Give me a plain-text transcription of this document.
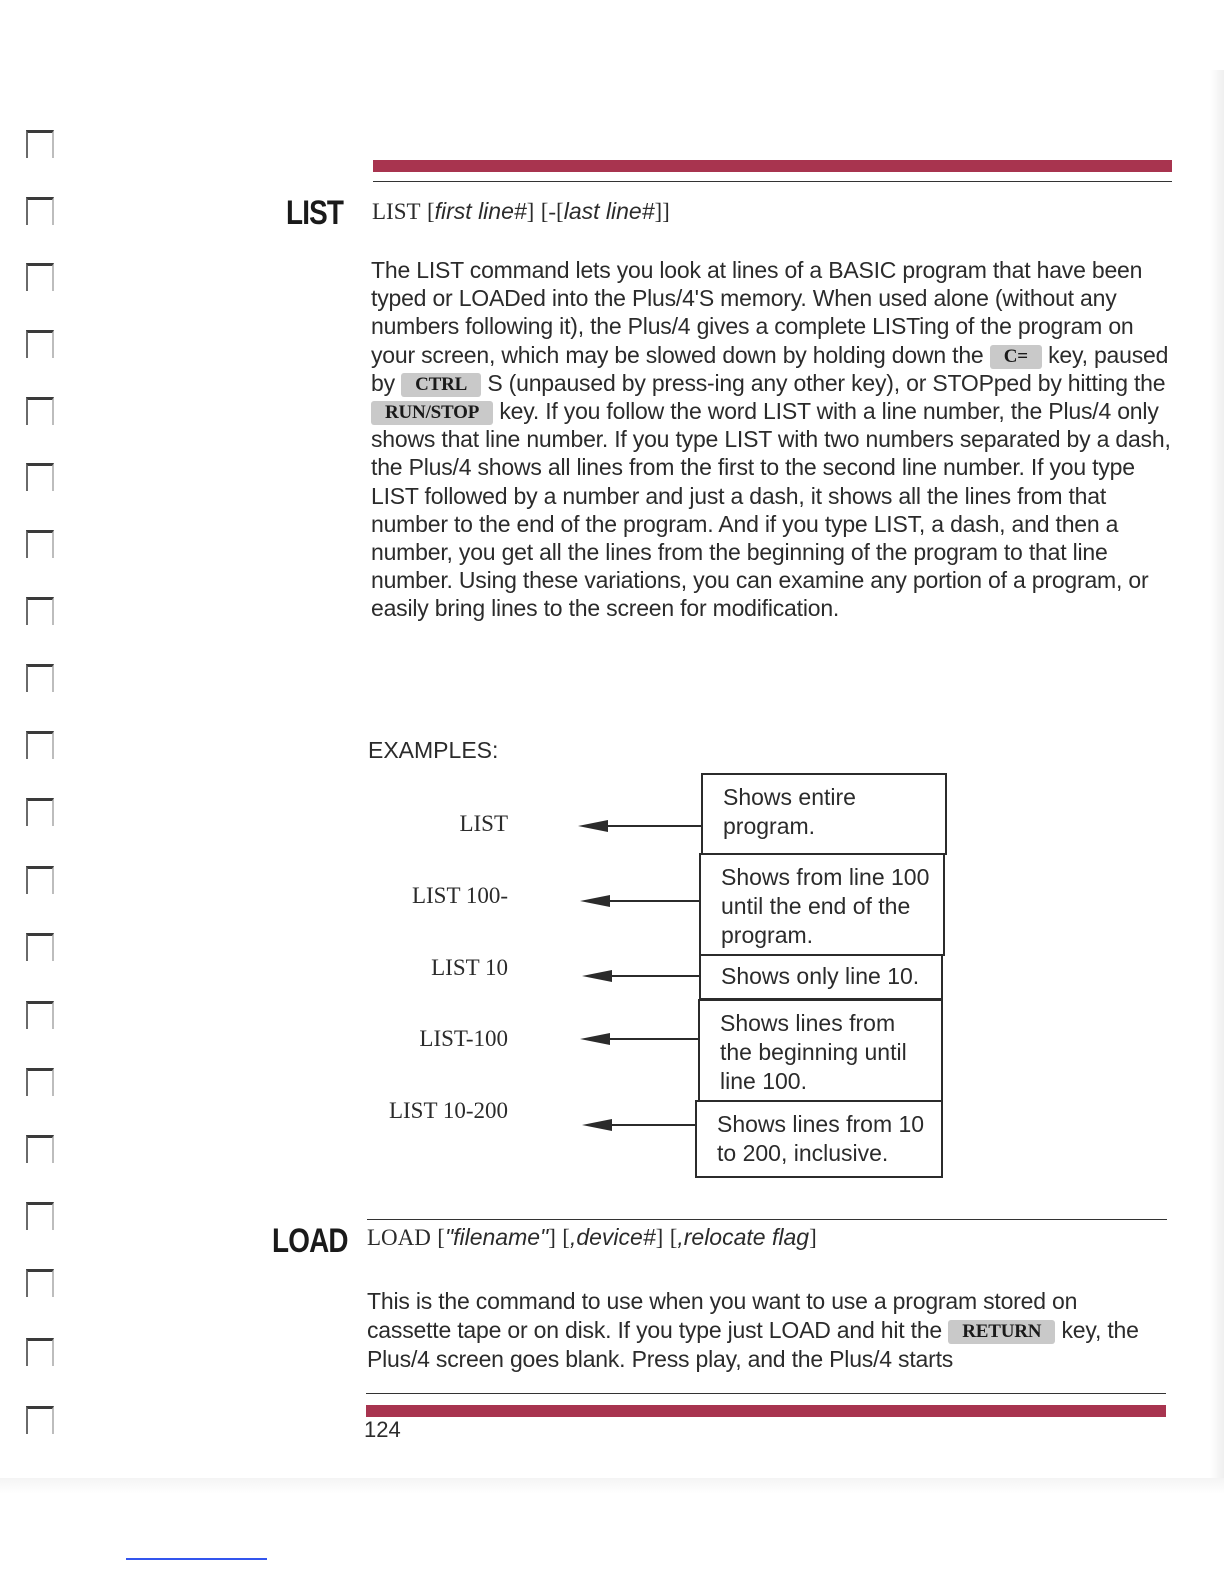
LIST LIST [first line#] [-[last line#]]
The LIST command lets you look at lines of a BASIC program that have been typed or LOADed into the Plus/4'S memory. When used alone (without any numbers following it), the Plus/4 gives a complete LISTing of the program on your screen, which may be slowed down by holding down the C= key, paused by CTRL S (unpaused by press-ing any other key), or STOPped by hitting the RUN/STOP key. If you follow the word LIST with a line number, the Plus/4 only shows that line number. If you type LIST with two numbers separated by a dash, the Plus/4 shows all lines from the first to the second line number. If you type LIST followed by a number and just a dash, it shows all the lines from that number to the end of the program. And if you type LIST, a dash, and then a number, you get all the lines from the beginning of the program to that line number. Using these variations, you can examine any portion of a program, or easily bring lines to the screen for modification.
EXAMPLES:
LIST
Shows entire program.
LIST 100-
Shows from line 100 until the end of the program.
LIST 10	Shows only line 10.
LIST-100
Shows lines from the beginning until line 100.
LIST 10-200
Shows lines from 10 to 200, inclusive.
LOAD LOAD ["filename"] [,device#] [,relocate flag]
This is the command to use when you want to use a program stored on cassette tape or on disk. If you type just LOAD and hit the RETURN key, the Plus/4 screen goes blank. Press play, and the Plus/4 starts
124
